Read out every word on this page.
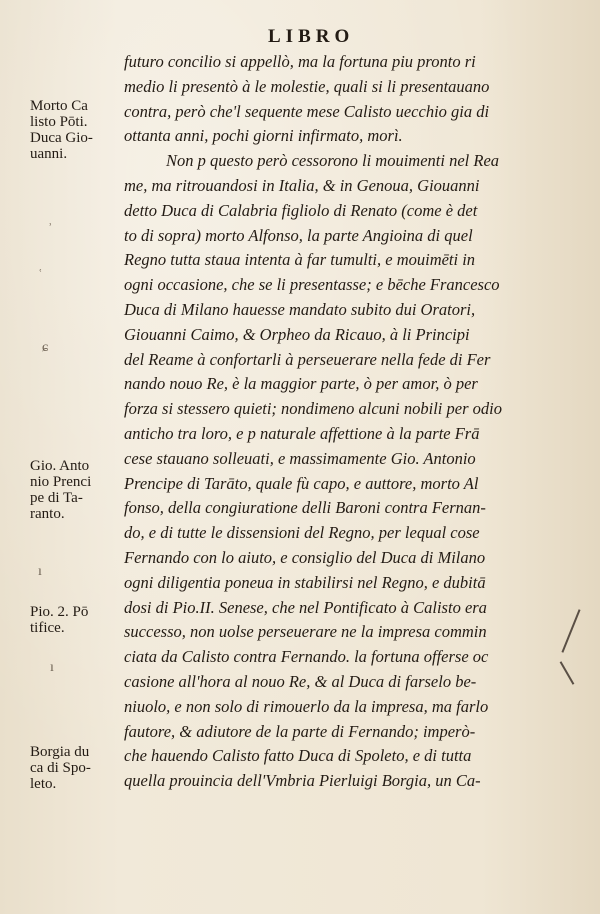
LIBRO
futuro concilio si appellò, ma la fortuna piu pronto ri
medio li presentò à le molestie, quali si li presentauano
contra, però che'l sequente mese Calisto uecchio gia di
ottanta anni, pochi giorni infirmato, morì.
Non p questo però cessorono li mouimenti nel Rea
me, ma ritrouandosi in Italia, & in Genoua, Giouanni
detto Duca di Calabria figliolo di Renato (come è det
to di sopra) morto Alfonso, la parte Angioina di quel
Regno tutta staua intenta à far tumulti, e mouimēti in
ogni occasione, che se li presentasse; e bēche Francesco
Duca di Milano hauesse mandato subito dui Oratori,
Giouanni Caimo, & Orpheo da Ricauo, à li Principi
del Reame à confortarli à perseuerare nella fede di Fer
nando nouo Re, è la maggior parte, ò per amor, ò per
forza si stessero quieti; nondimeno alcuni nobili per odio
anticho tra loro, e p naturale affettione à la parte Frā
cese stauano solleuati, e massimamente Gio. Antonio
Prencipe di Tarāto, quale fù capo, e auttore, morto Al
fonso, della congiuratione delli Baroni contra Fernan-
do, e di tutte le dissensioni del Regno, per lequal cose
Fernando con lo aiuto, e consiglio del Duca di Milano
ogni diligentia poneua in stabilirsi nel Regno, e dubitā
dosi di Pio.II. Senese, che nel Pontificato à Calisto era
successo, non uolse perseuerare ne la impresa commin
ciata da Calisto contra Fernando. la fortuna offerse oc
casione all'hora al nouo Re, & al Duca di farselo be-
niuolo, e non solo di rimouerlo da la impresa, ma farlo
fautore, & adiutore de la parte di Fernando; imperò-
che hauendo Calisto fatto Duca di Spoleto, e di tutta
quella prouincia dell'Vmbria Pierluigi Borgia, un Ca-
Morto Ca
listo Pōti.
Duca Gio-
uanni.
Gio. Anto
nio Prenci
pe di Ta-
ranto.
Pio. 2. Pō
tifice.
Borgia du
ca di Spo-
leto.
ʾ
ʿ
ɕ
ı
ı
